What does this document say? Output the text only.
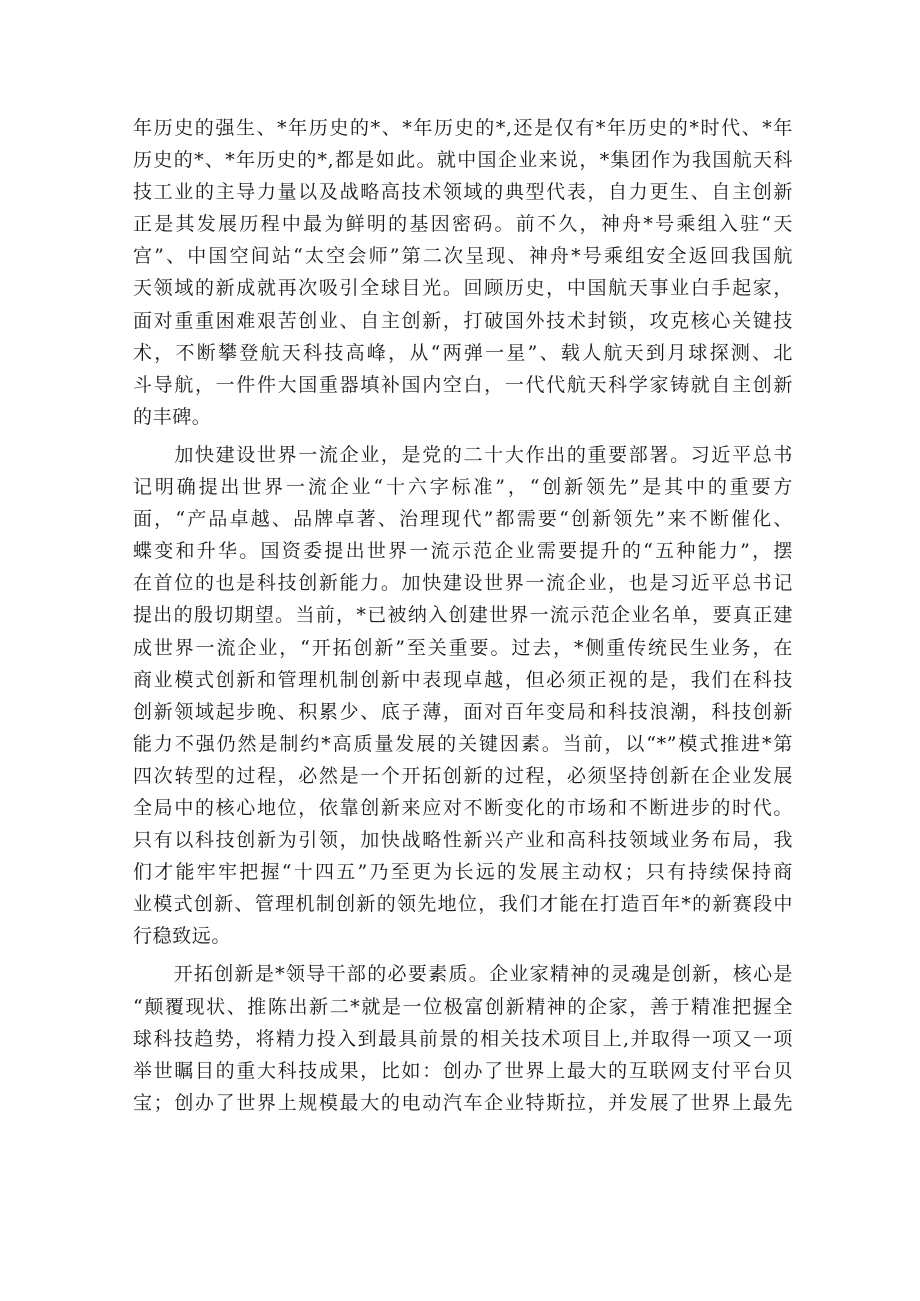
年历史的强生、*年历史的*、*年历史的*,还是仅有*年历史的*时代、*年
历史的*、*年历史的*,都是如此。就中国企业来说，*集团作为我国航天科
技工业的主导力量以及战略高技术领域的典型代表，自力更生、自主创新
正是其发展历程中最为鲜明的基因密码。前不久，神舟*号乘组入驻“天
宫”、中国空间站“太空会师”第二次呈现、神舟*号乘组安全返回我国航
天领域的新成就再次吸引全球目光。回顾历史，中国航天事业白手起家，
面对重重困难艰苦创业、自主创新，打破国外技术封锁，攻克核心关键技
术，不断攀登航天科技高峰，从“两弹一星”、载人航天到月球探测、北
斗导航，一件件大国重器填补国内空白，一代代航天科学家铸就自主创新
的丰碑。
　　加快建设世界一流企业，是党的二十大作出的重要部署。习近平总书
记明确提出世界一流企业“十六字标准”，“创新领先”是其中的重要方
面，“产品卓越、品牌卓著、治理现代”都需要“创新领先”来不断催化、
蝶变和升华。国资委提出世界一流示范企业需要提升的“五种能力”，摆
在首位的也是科技创新能力。加快建设世界一流企业，也是习近平总书记
提出的殷切期望。当前，*已被纳入创建世界一流示范企业名单，要真正建
成世界一流企业，“开拓创新”至关重要。过去，*侧重传统民生业务，在
商业模式创新和管理机制创新中表现卓越，但必须正视的是，我们在科技
创新领域起步晚、积累少、底子薄，面对百年变局和科技浪潮，科技创新
能力不强仍然是制约*高质量发展的关键因素。当前，以“*”模式推进*第
四次转型的过程，必然是一个开拓创新的过程，必须坚持创新在企业发展
全局中的核心地位，依靠创新来应对不断变化的市场和不断进步的时代。
只有以科技创新为引领，加快战略性新兴产业和高科技领域业务布局，我
们才能牢牢把握“十四五”乃至更为长远的发展主动权；只有持续保持商
业模式创新、管理机制创新的领先地位，我们才能在打造百年*的新赛段中
行稳致远。
　　开拓创新是*领导干部的必要素质。企业家精神的灵魂是创新，核心是
“颠覆现状、推陈出新二*就是一位极富创新精神的企家，善于精准把握全
球科技趋势，将精力投入到最具前景的相关技术项目上,并取得一项又一项
举世瞩目的重大科技成果，比如：创办了世界上最大的互联网支付平台贝
宝；创办了世界上规模最大的电动汽车企业特斯拉，并发展了世界上最先
